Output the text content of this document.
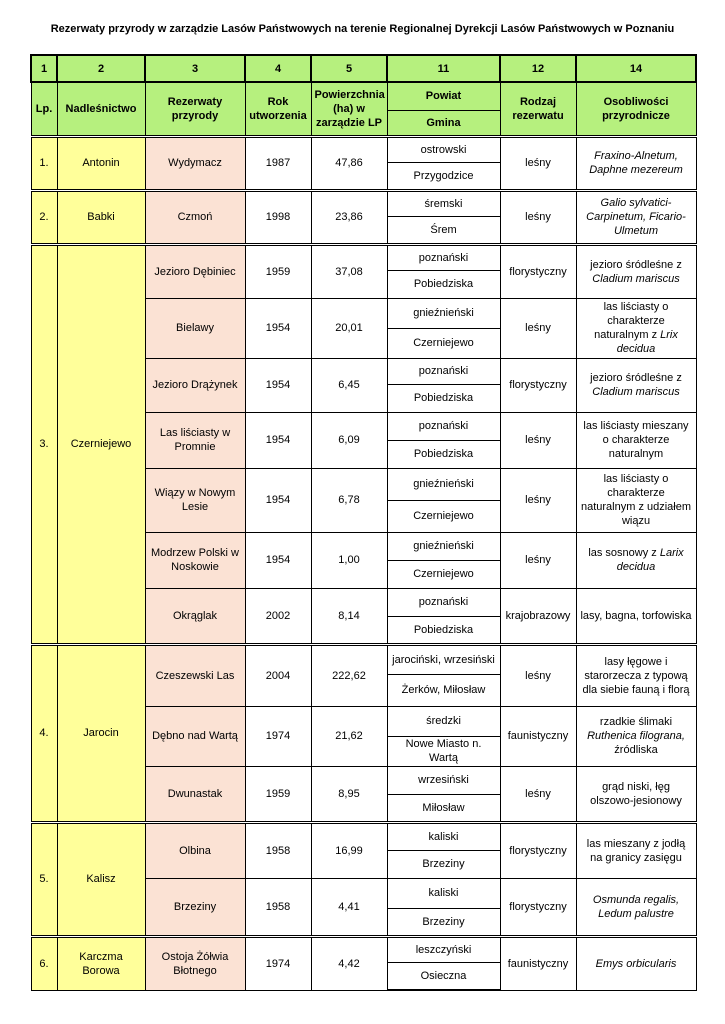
Rezerwaty przyrody w zarządzie Lasów Państwowych na terenie Regionalnej Dyrekcji Lasów Państwowych w Poznaniu
1	2	3	4	5	11	12	14
Lp.	Nadleśnictwo	Rezerwaty przyrody	Rok utworzenia	Powierzchnia (ha) w zarządzie LP	Powiat	Rodzaj rezerwatu	Osobliwości przyrodnicze
					Gmina		
1.	Antonin	Wydymacz	1987	47,86	ostrowski	leśny	Fraxino-Alnetum, Daphne mezereum
					Przygodzice		
2.	Babki	Czmoń	1998	23,86	śremski	leśny	Galio sylvatici-Carpinetum, Ficario-Ulmetum
					Śrem		
3.	Czerniejewo	Jezioro Dębiniec	1959	37,08	poznański	florystyczny	jezioro śródleśne z Cladium mariscus
					Pobiedziska		
		Bielawy	1954	20,01	gnieźnieński	leśny	las liściasty o charakterze naturalnym z Lrix decidua
					Czerniejewo		
		Jezioro Drążynek	1954	6,45	poznański	florystyczny	jezioro śródleśne z Cladium mariscus
					Pobiedziska		
		Las liściasty w Promnie	1954	6,09	poznański	leśny	las liściasty mieszany o charakterze naturalnym
					Pobiedziska		
		Wiązy w Nowym Lesie	1954	6,78	gnieźnieński	leśny	las liściasty o charakterze naturalnym z udziałem wiązu
					Czerniejewo		
		Modrzew Polski w Noskowie	1954	1,00	gnieźnieński	leśny	las sosnowy z Larix decidua
					Czerniejewo		
		Okrąglak	2002	8,14	poznański	krajobrazowy	lasy, bagna, torfowiska
					Pobiedziska		
4.	Jarocin	Czeszewski Las	2004	222,62	jarociński, wrzesiński	leśny	lasy łęgowe i starorzecza z typową dla siebie fauną i florą
					Żerków, Miłosław		
		Dębno nad Wartą	1974	21,62	średzki	faunistyczny	rzadkie ślimaki Ruthenica filograna, źródliska
					Nowe Miasto n. Wartą		
		Dwunastak	1959	8,95	wrzesiński	leśny	grąd niski, łęg olszowo-jesionowy
					Miłosław		
5.	Kalisz	Olbina	1958	16,99	kaliski	florystyczny	las mieszany z jodłą na granicy zasięgu
					Brzeziny		
		Brzeziny	1958	4,41	kaliski	florystyczny	Osmunda regalis, Ledum palustre
					Brzeziny		
6.	Karczma Borowa	Ostoja Żółwia Błotnego	1974	4,42	leszczyński	faunistyczny	Emys orbicularis
					Osieczna		
